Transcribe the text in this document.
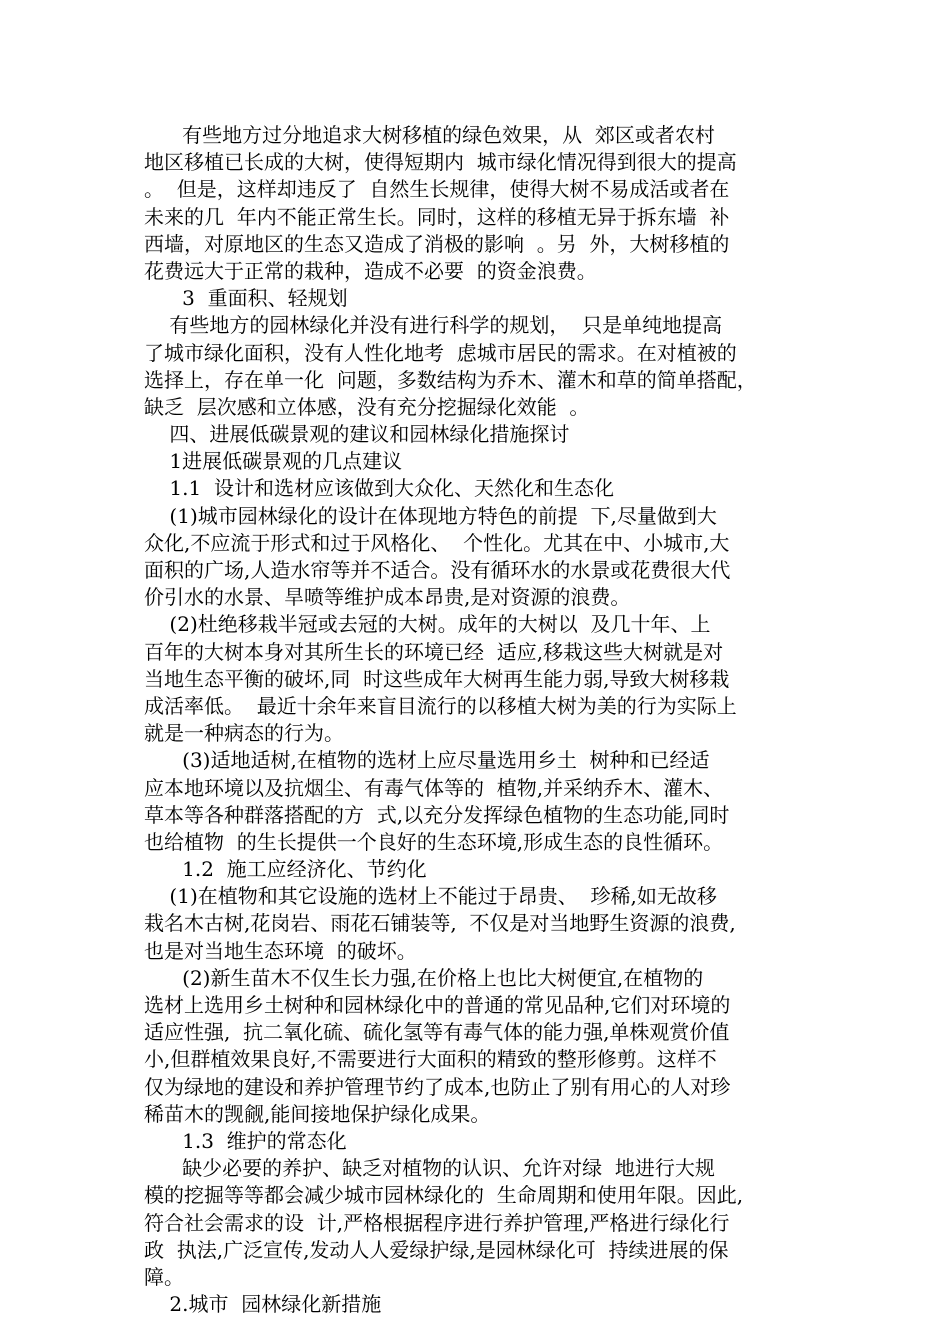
有些地方过分地追求大树移植的绿色效果，从  郊区或者农村
地区移植已长成的大树，使得短期内  城市绿化情况得到很大的提高
。  但是，这样却违反了  自然生长规律，使得大树不易成活或者在
未来的几  年内不能正常生长。同时，这样的移植无异于拆东墙  补
西墙，对原地区的生态又造成了消极的影响  。另  外，大树移植的
花费远大于正常的栽种，造成不必要  的资金浪费。
3  重面积、轻规划
有些地方的园林绿化并没有进行科学的规划，  只是单纯地提高
了城市绿化面积，没有人性化地考  虑城市居民的需求。在对植被的
选择上，存在单一化  问题，多数结构为乔木、灌木和草的简单搭配，
缺乏  层次感和立体感，没有充分挖掘绿化效能  。
四、进展低碳景观的建议和园林绿化措施探讨
1进展低碳景观的几点建议
1.1  设计和选材应该做到大众化、天然化和生态化
(1)城市园林绿化的设计在体现地方特色的前提  下,尽量做到大
众化,不应流于形式和过于风格化、  个性化。尤其在中、小城市,大
面积的广场,人造水帘等并不适合。没有循环水的水景或花费很大代
价引水的水景、旱喷等维护成本昂贵,是对资源的浪费。
(2)杜绝移栽半冠或去冠的大树。成年的大树以  及几十年、上
百年的大树本身对其所生长的环境已经  适应,移栽这些大树就是对
当地生态平衡的破坏,同  时这些成年大树再生能力弱,导致大树移栽
成活率低。  最近十余年来盲目流行的以移植大树为美的行为实际上
就是一种病态的行为。
(3)适地适树,在植物的选材上应尽量选用乡土  树种和已经适
应本地环境以及抗烟尘、有毒气体等的  植物,并采纳乔木、灌木、
草本等各种群落搭配的方  式,以充分发挥绿色植物的生态功能,同时
也给植物  的生长提供一个良好的生态环境,形成生态的良性循环。
1.2  施工应经济化、节约化
(1)在植物和其它设施的选材上不能过于昂贵、  珍稀,如无故移
栽名木古树,花岗岩、雨花石铺装等,  不仅是对当地野生资源的浪费,
也是对当地生态环境  的破坏。
(2)新生苗木不仅生长力强,在价格上也比大树便宜,在植物的
选材上选用乡土树种和园林绿化中的普通的常见品种,它们对环境的
适应性强,  抗二氧化硫、硫化氢等有毒气体的能力强,单株观赏价值
小,但群植效果良好,不需要进行大面积的精致的整形修剪。这样不
仅为绿地的建设和养护管理节约了成本,也防止了别有用心的人对珍
稀苗木的觊觎,能间接地保护绿化成果。
1.3  维护的常态化
缺少必要的养护、缺乏对植物的认识、允许对绿  地进行大规
模的挖掘等等都会减少城市园林绿化的  生命周期和使用年限。因此,
符合社会需求的设  计,严格根据程序进行养护管理,严格进行绿化行
政  执法,广泛宣传,发动人人爱绿护绿,是园林绿化可  持续进展的保
障。
2.城市  园林绿化新措施
